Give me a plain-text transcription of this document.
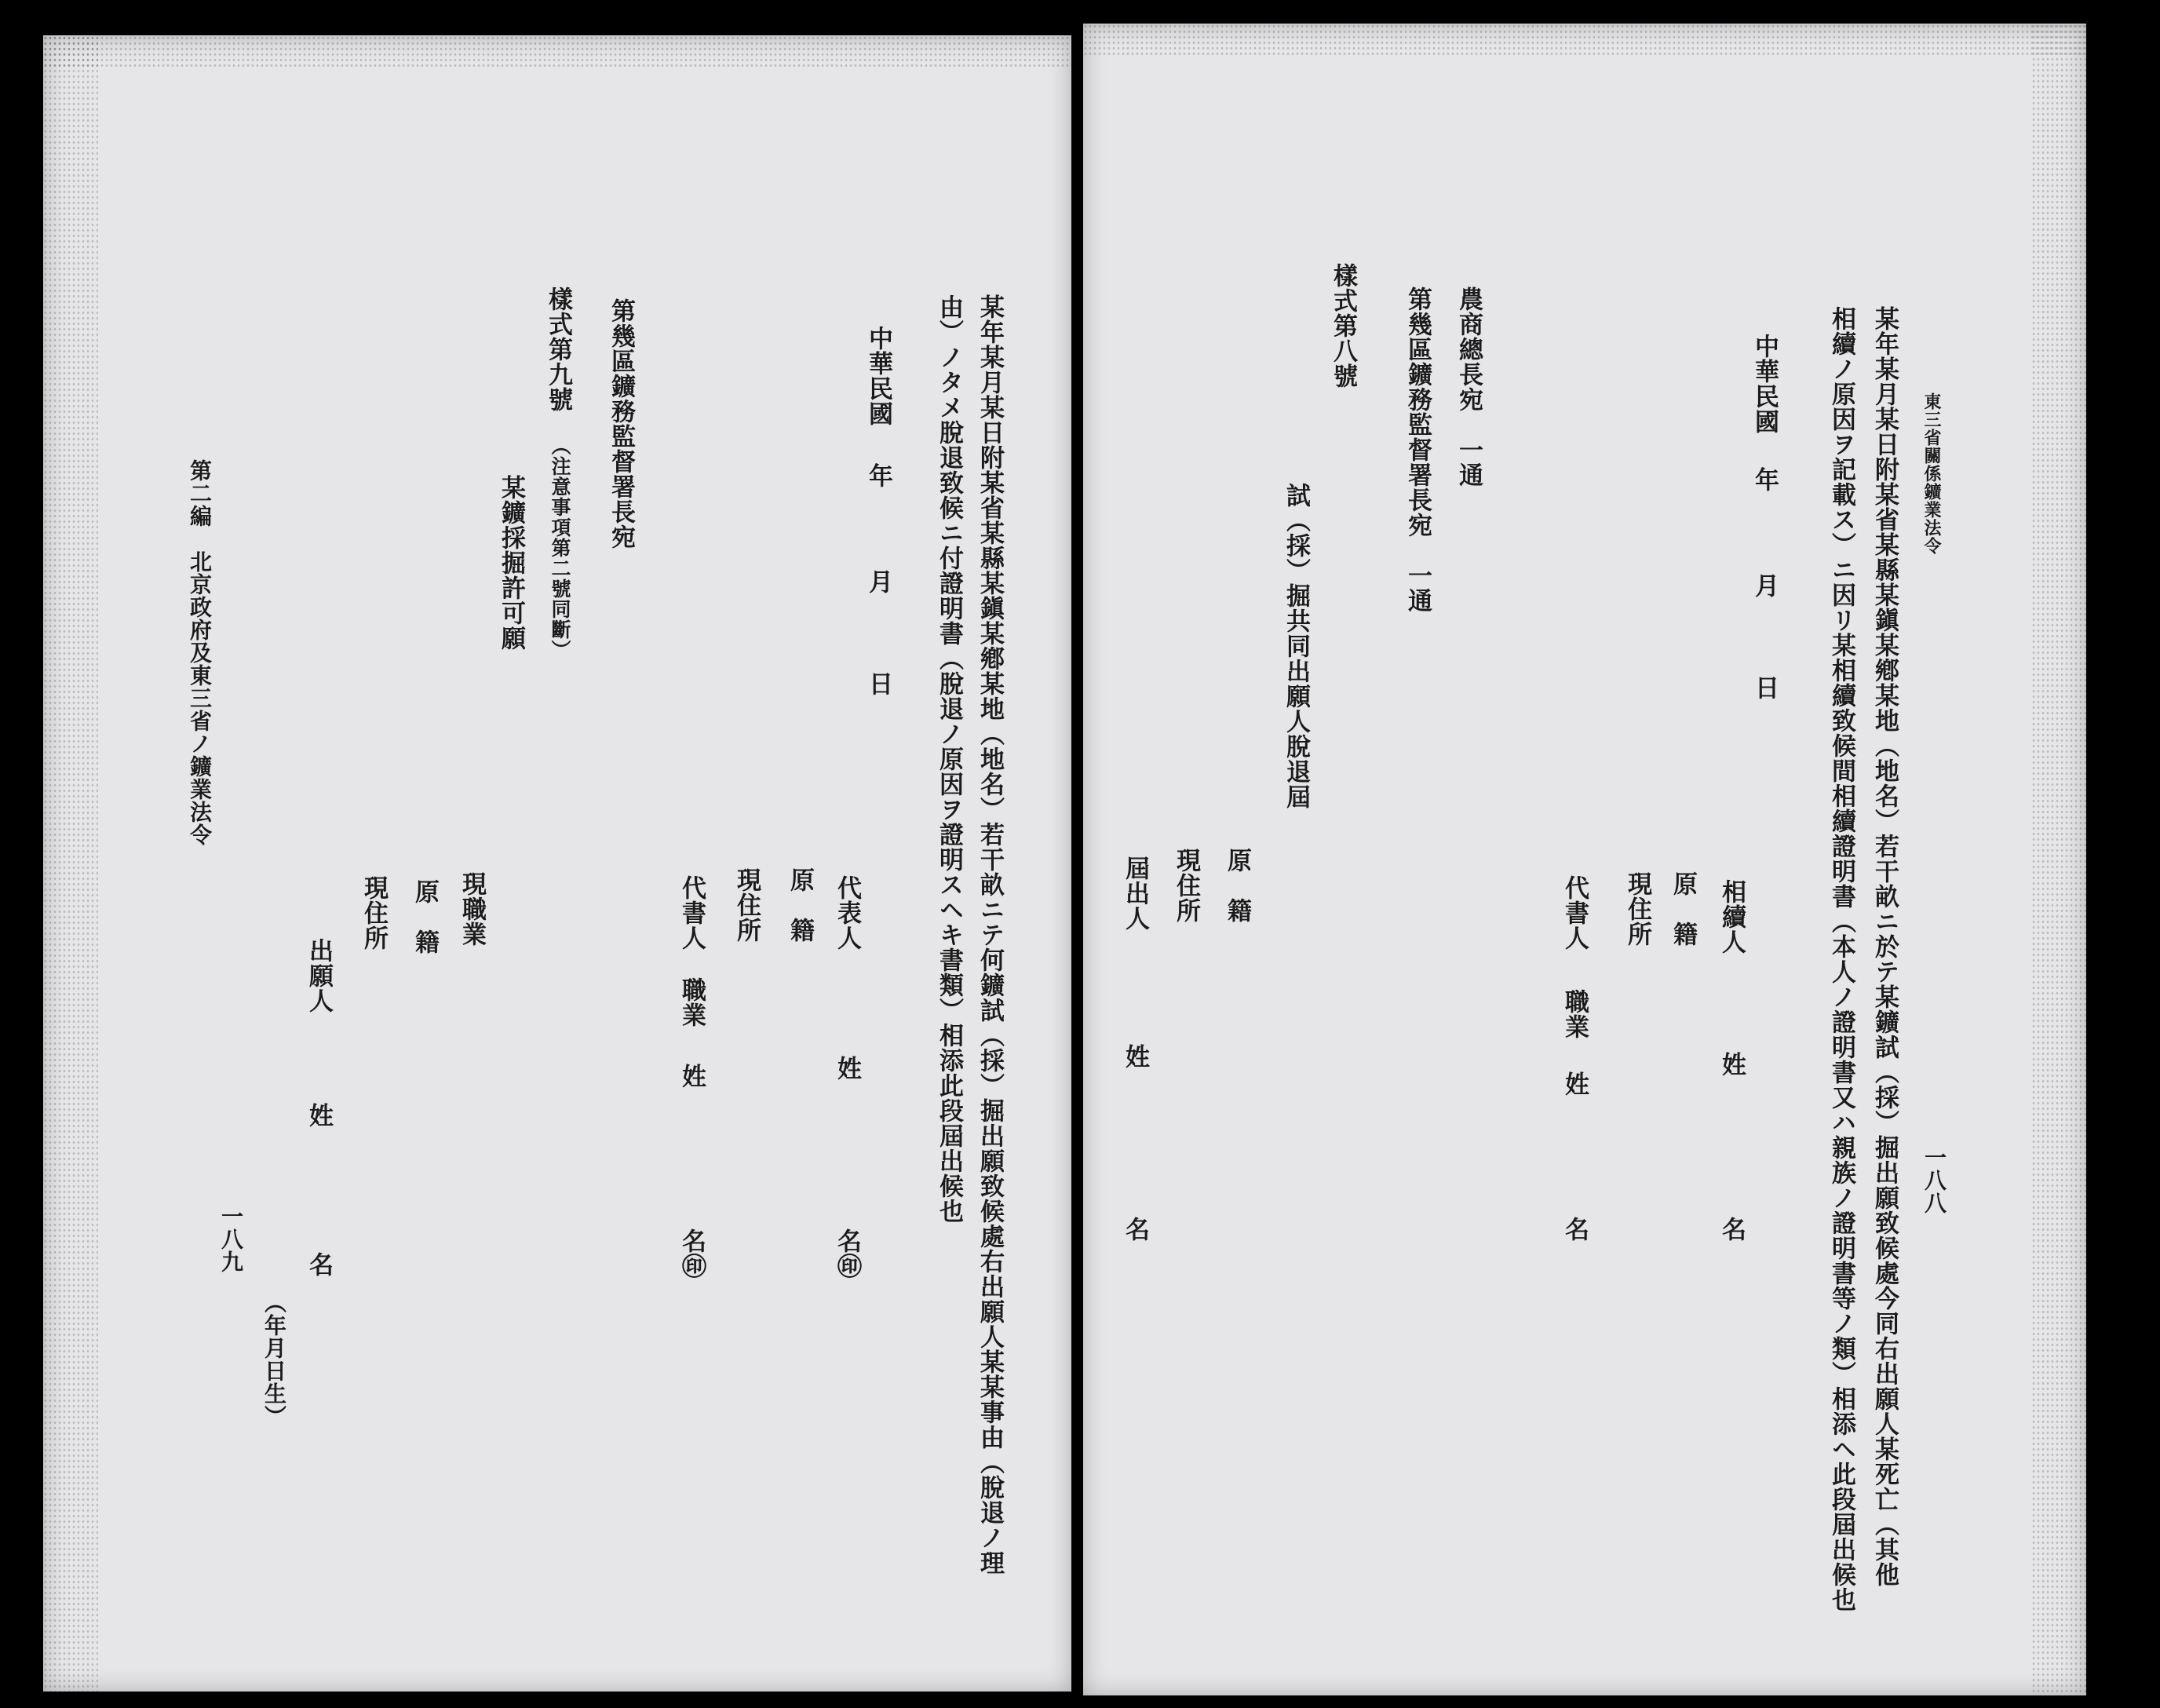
某年某月某日附某省某縣某鎭某鄕某地（地名）若干畝ニテ何鑛試（採）掘出願致候處右出願人某某事由（脫退ノ理
由）ノタメ脫退致候ニ付證明書（脫退ノ原因ヲ證明スヘキ書類）相添此段屆出候也
中華民國
年
月
日
代表人
姓
名㊞
原　籍
現住所
代書人
職業
姓
名㊞
第幾區鑛務監督署長宛
樣式第九號
（注意事項第二號同斷）
某鑛採掘許可願
現職業
原　籍
現住所
出願人
姓
名
（年月日生）
第二編　北京政府及東三省ノ鑛業法令
一八九
東三省關係鑛業法令
一八八
某年某月某日附某省某縣某鎭某鄕某地（地名）若干畝ニ於テ某鑛試（採）掘出願致候處今同右出願人某死亡（其他
相續ノ原因ヲ記載ス）ニ因リ某相續致候間相續證明書（本人ノ證明書又ハ親族ノ證明書等ノ類）相添ヘ此段屆出候也
中華民國
年
月
日
相續人
姓
名
原　籍
現住所
代書人
職業
姓
名
農商總長宛　一通
第幾區鑛務監督署長宛　一通
樣式第八號
試（採）掘共同出願人脫退屆
原　籍
現住所
屆出人
姓
名
